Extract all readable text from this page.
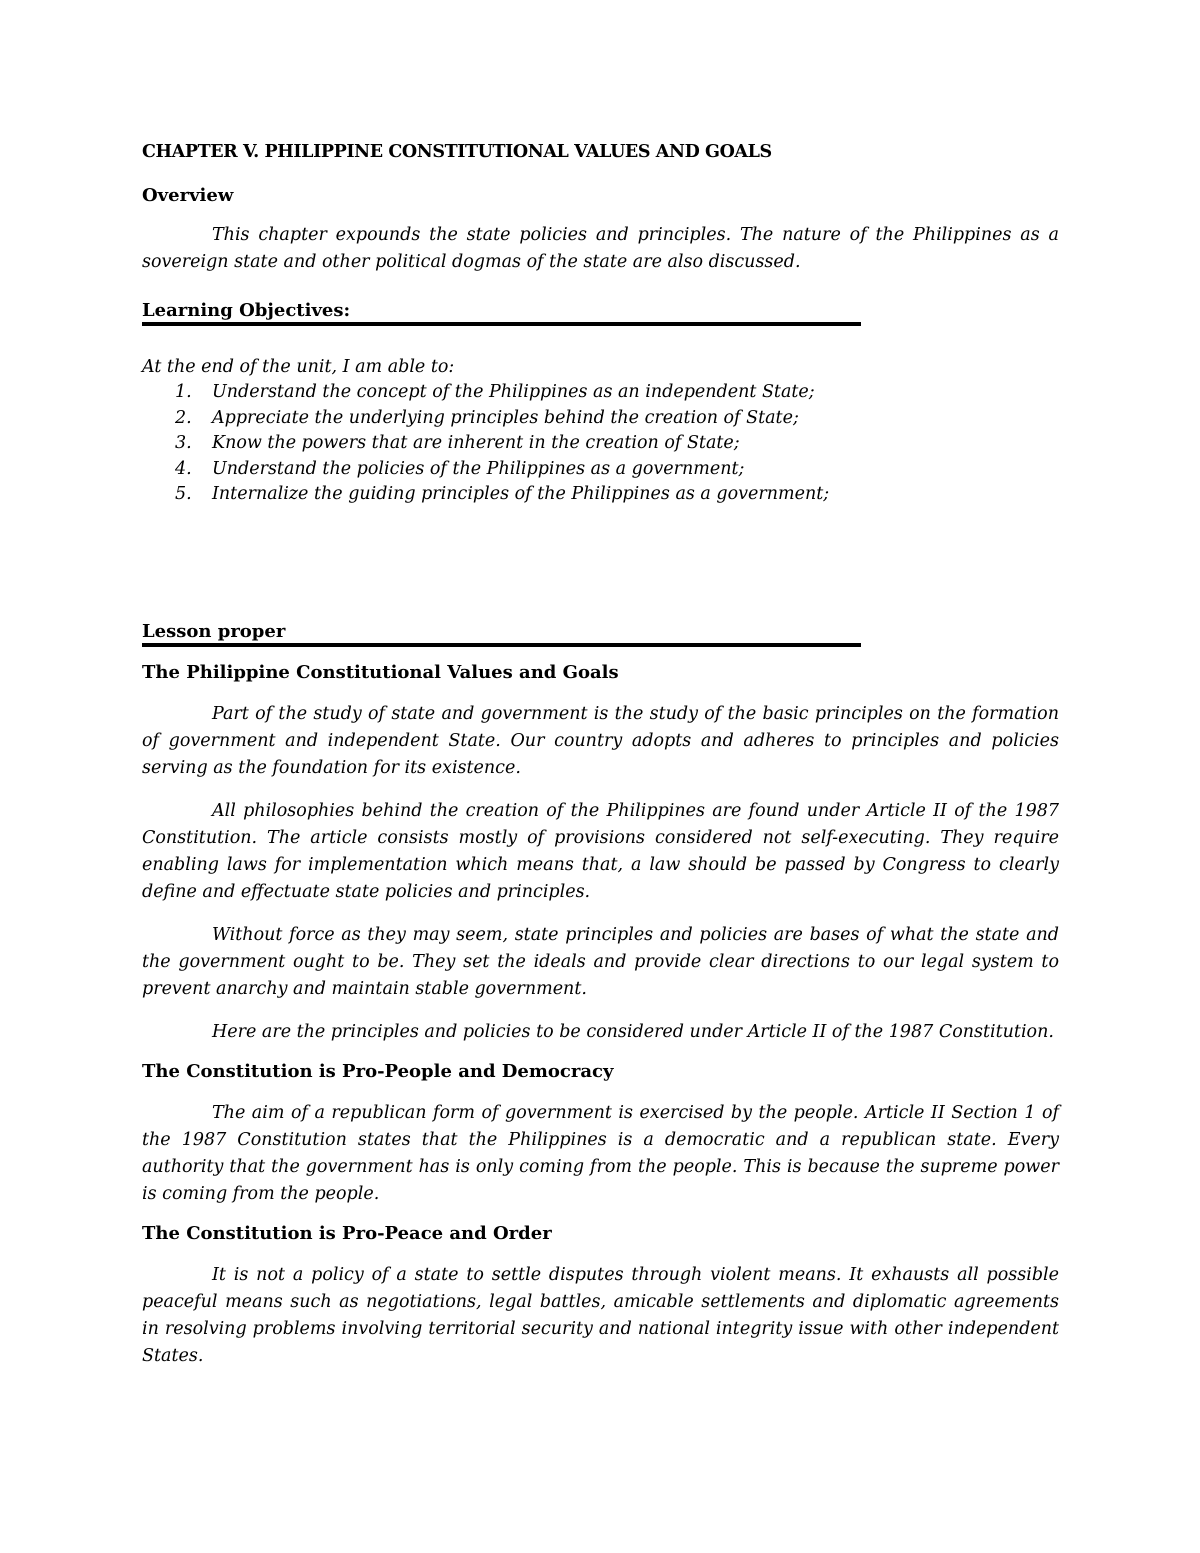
CHAPTER V. PHILIPPINE CONSTITUTIONAL VALUES AND GOALS
Overview

This chapter expounds the state policies and principles. The nature of the Philippines as a sovereign state and other political dogmas of the state are also discussed.

Learning Objectives:

At the end of the unit, I am able to:

1. Understand the concept of the Philippines as an independent State;
2. Appreciate the underlying principles behind the creation of State;
3. Know the powers that are inherent in the creation of State;
4. Understand the policies of the Philippines as a government;
5. Internalize the guiding principles of the Philippines as a government;
Lesson proper
The Philippine Constitutional Values and Goals

Part of the study of state and government is the study of the basic principles on the formation of government and independent State. Our country adopts and adheres to principles and policies serving as the foundation for its existence.

All philosophies behind the creation of the Philippines are found under Article II of the 1987 Constitution. The article consists mostly of provisions considered not self-executing. They require enabling laws for implementation which means that, a law should be passed by Congress to clearly define and effectuate state policies and principles.

Without force as they may seem, state principles and policies are bases of what the state and the government ought to be. They set the ideals and provide clear directions to our legal system to prevent anarchy and maintain stable government.

Here are the principles and policies to be considered under Article II of the 1987 Constitution.

The Constitution is Pro-People and Democracy

The aim of a republican form of government is exercised by the people. Article II Section 1 of the 1987 Constitution states that the Philippines is a democratic and a republican state. Every authority that the government has is only coming from the people. This is because the supreme power is coming from the people.

The Constitution is Pro-Peace and Order

It is not a policy of a state to settle disputes through violent means. It exhausts all possible peaceful means such as negotiations, legal battles, amicable settlements and diplomatic agreements in resolving problems involving territorial security and national integrity issue with other independent States.
